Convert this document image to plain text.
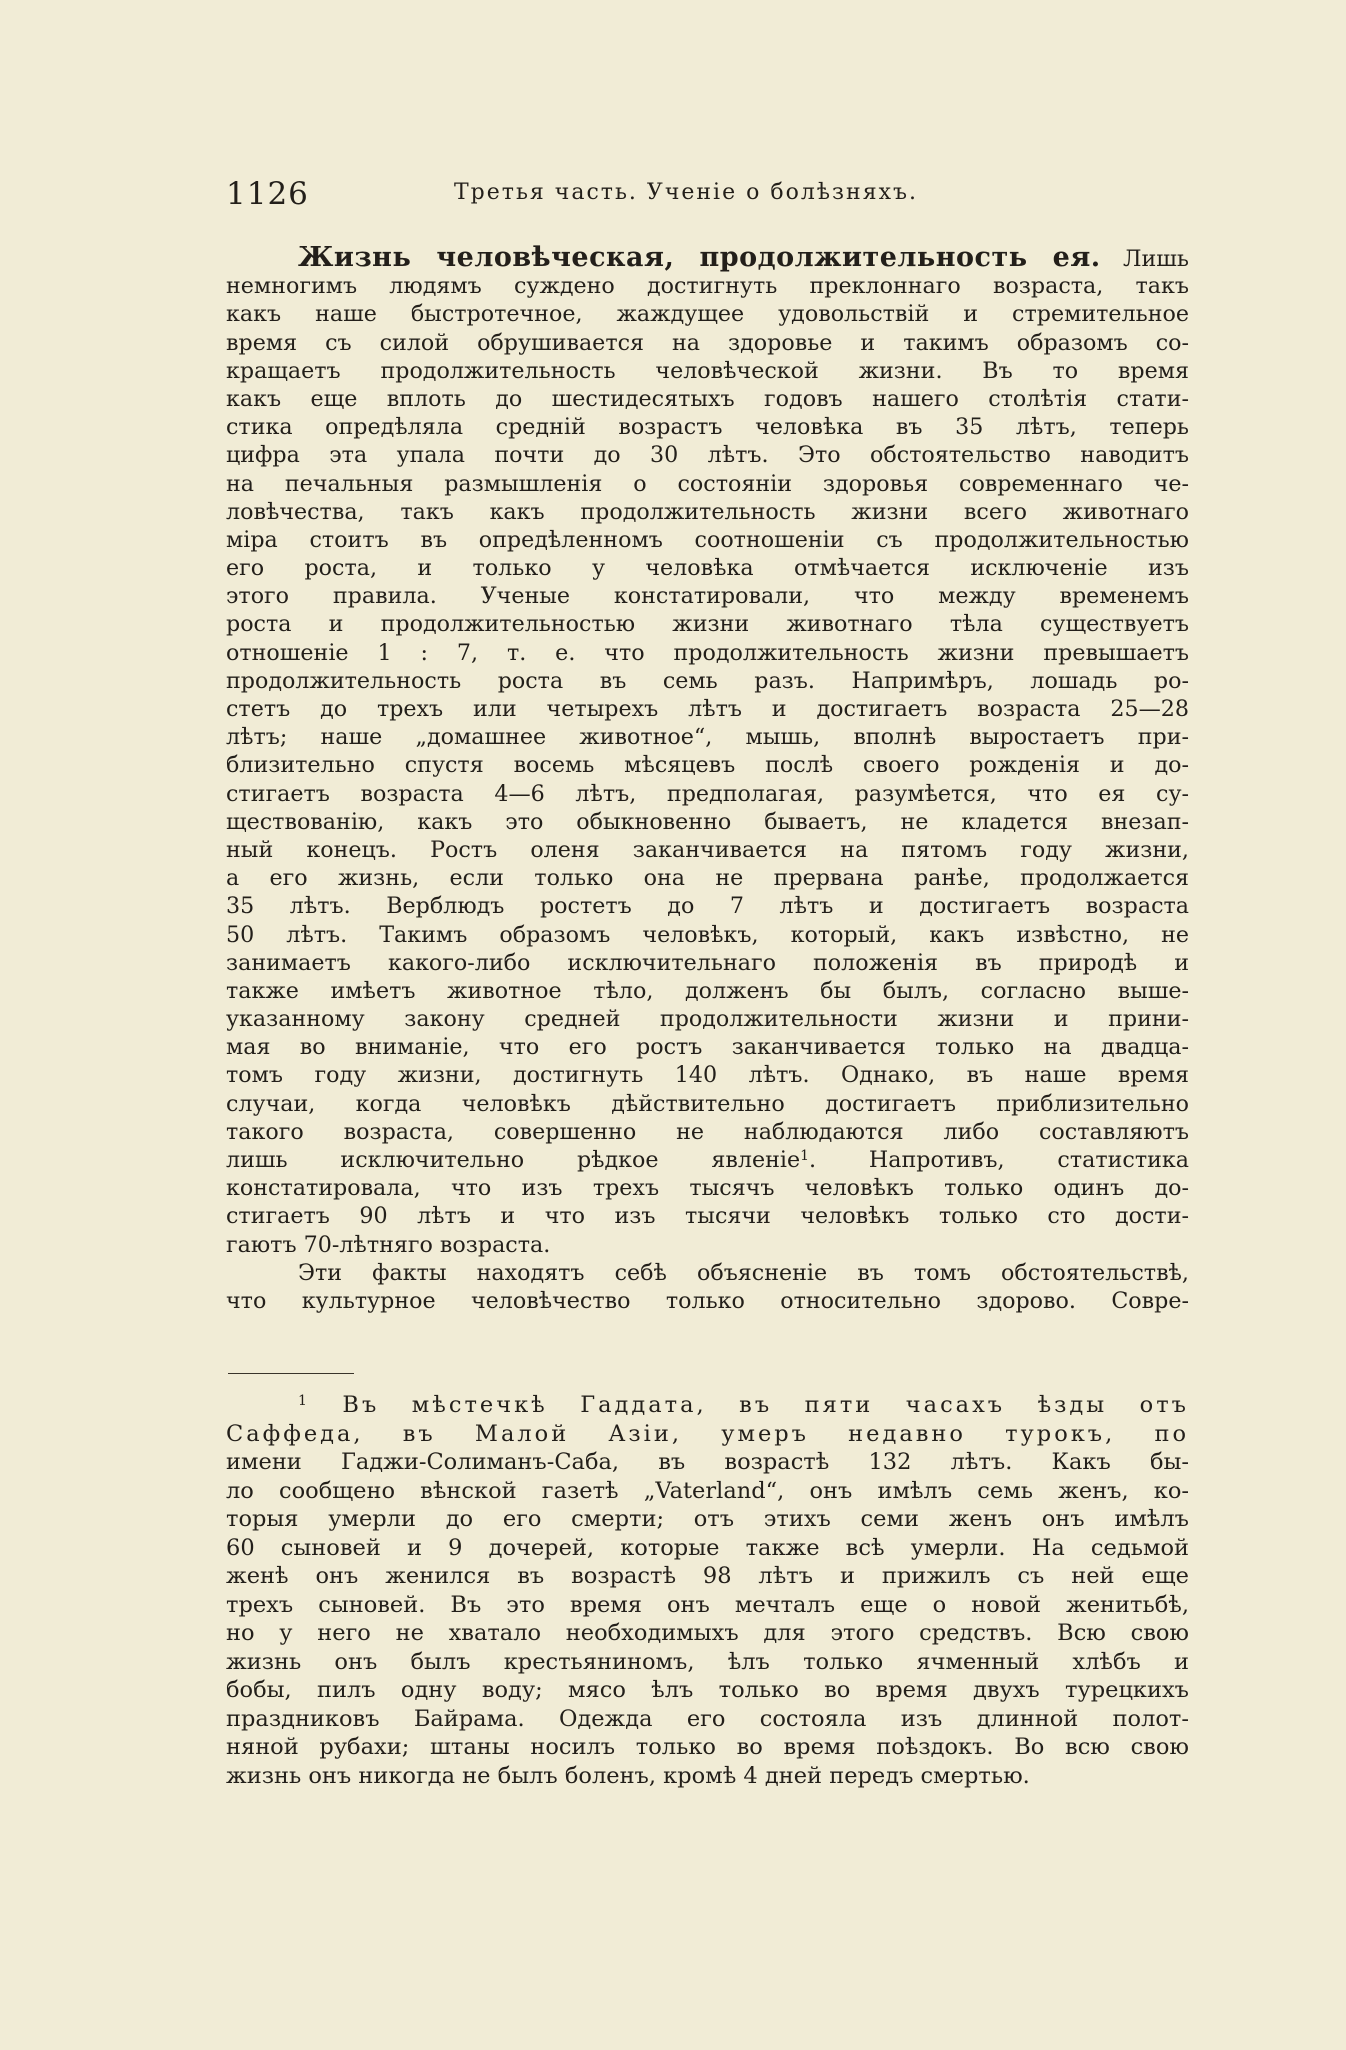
1126	Третья часть. Ученіе о болѣзняхъ.
Жизнь человѣческая, продолжительность ея. Лишь
немногимъ людямъ суждено достигнуть преклоннаго возраста, такъ
какъ наше быстротечное, жаждущее удовольствій и стремительное
время съ силой обрушивается на здоровье и такимъ образомъ со-
кращаетъ продолжительность человѣческой жизни. Въ то время
какъ еще вплоть до шестидесятыхъ годовъ нашего столѣтія стати-
стика опредѣляла средній возрастъ человѣка въ 35 лѣтъ, теперь
цифра эта упала почти до 30 лѣтъ. Это обстоятельство наводитъ
на печальныя размышленія о состояніи здоровья современнаго че-
ловѣчества, такъ какъ продолжительность жизни всего животнаго
міра стоитъ въ опредѣленномъ соотношеніи съ продолжительностью
его роста, и только у человѣка отмѣчается исключеніе изъ
этого правила. Ученые констатировали, что между временемъ
роста и продолжительностью жизни животнаго тѣла существуетъ
отношеніе 1 : 7, т. е. что продолжительность жизни превышаетъ
продолжительность роста въ семь разъ. Напримѣръ, лошадь ро-
стетъ до трехъ или четырехъ лѣтъ и достигаетъ возраста 25—28
лѣтъ; наше „домашнее животное“, мышь, вполнѣ выростаетъ при-
близительно спустя восемь мѣсяцевъ послѣ своего рожденія и до-
стигаетъ возраста 4—6 лѣтъ, предполагая, разумѣется, что ея су-
ществованію, какъ это обыкновенно бываетъ, не кладется внезап-
ный конецъ. Ростъ оленя заканчивается на пятомъ году жизни,
а его жизнь, если только она не прервана ранѣе, продолжается
35 лѣтъ. Верблюдъ ростетъ до 7 лѣтъ и достигаетъ возраста
50 лѣтъ. Такимъ образомъ человѣкъ, который, какъ извѣстно, не
занимаетъ какого-либо исключительнаго положенія въ природѣ и
также имѣетъ животное тѣло, долженъ бы былъ, согласно выше-
указанному закону средней продолжительности жизни и прини-
мая во вниманіе, что его ростъ заканчивается только на двадца-
томъ году жизни, достигнуть 140 лѣтъ. Однако, въ наше время
случаи, когда человѣкъ дѣйствительно достигаетъ приблизительно
такого возраста, совершенно не наблюдаются либо составляютъ
лишь исключительно рѣдкое явленіе$^1$. Напротивъ, статистика
констатировала, что изъ трехъ тысячъ человѣкъ только одинъ до-
стигаетъ 90 лѣтъ и что изъ тысячи человѣкъ только сто дости-
гаютъ 70-лѣтняго возраста.
Эти факты находятъ себѣ объясненіе въ томъ обстоятельствѣ,
что культурное человѣчество только относительно здорово. Совре-
$^1$ Въ мѣстечкѣ Гаддата, въ пяти часахъ ѣзды отъ
Саффеда, въ Малой Азіи, умеръ недавно турокъ, по
имени Гаджи-Солиманъ-Саба, въ возрастѣ 132 лѣтъ. Какъ бы-
ло сообщено вѣнской газетѣ „Vaterland“, онъ имѣлъ семь женъ, ко-
торыя умерли до его смерти; отъ этихъ семи женъ онъ имѣлъ
60 сыновей и 9 дочерей, которые также всѣ умерли. На седьмой
женѣ онъ женился въ возрастѣ 98 лѣтъ и прижилъ съ ней еще
трехъ сыновей. Въ это время онъ мечталъ еще о новой женитьбѣ,
но у него не хватало необходимыхъ для этого средствъ. Всю свою
жизнь онъ былъ крестьяниномъ, ѣлъ только ячменный хлѣбъ и
бобы, пилъ одну воду; мясо ѣлъ только во время двухъ турецкихъ
праздниковъ Байрама. Одежда его состояла изъ длинной полот-
няной рубахи; штаны носилъ только во время поѣздокъ. Во всю свою
жизнь онъ никогда не былъ боленъ, кромѣ 4 дней передъ смертью.
